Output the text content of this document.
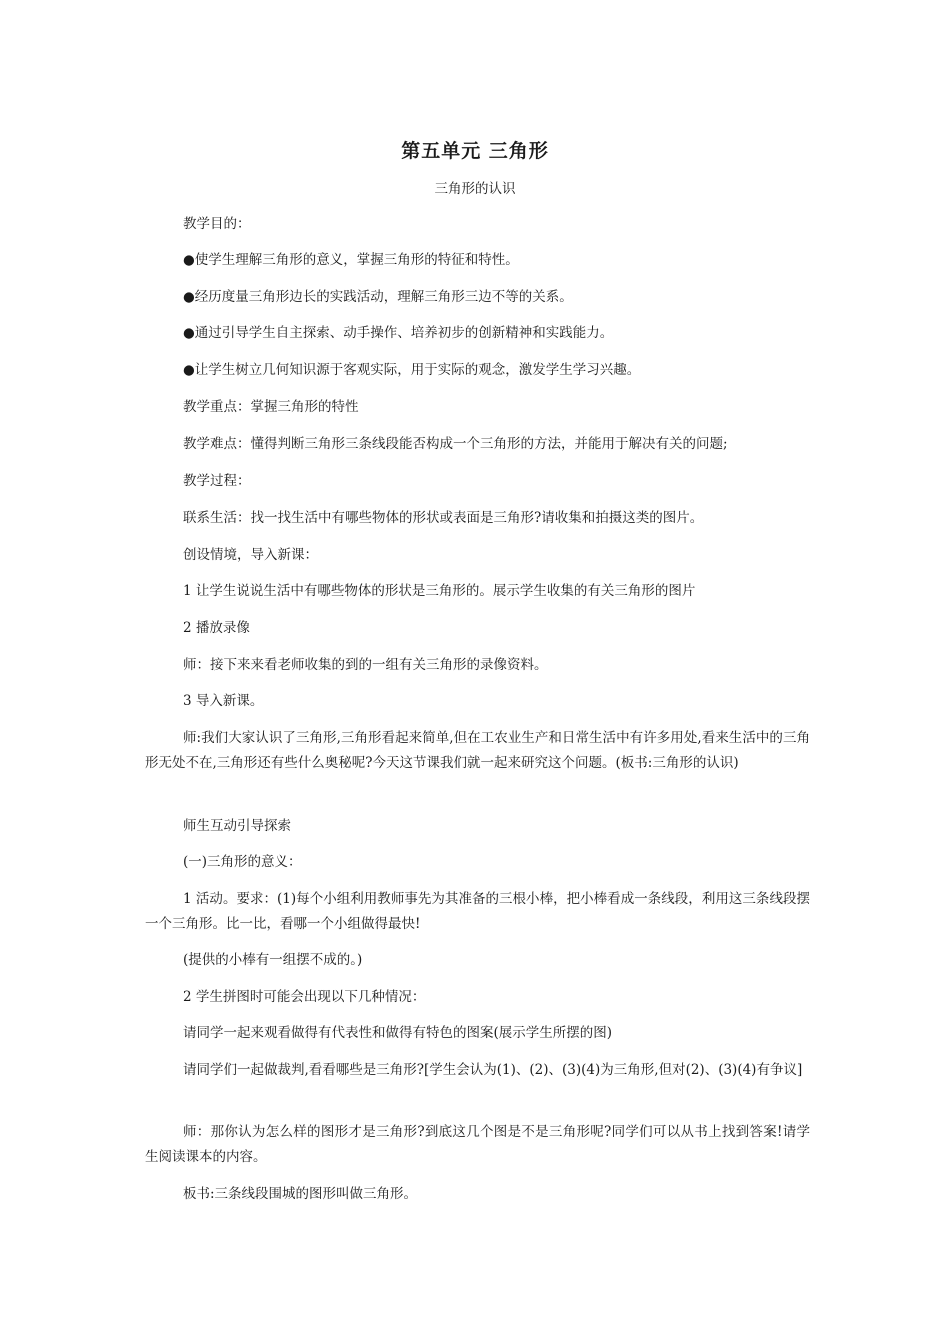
第五单元 三角形
三角形的认识

教学目的：

●使学生理解三角形的意义，掌握三角形的特征和特性。

●经历度量三角形边长的实践活动，理解三角形三边不等的关系。

●通过引导学生自主探索、动手操作、培养初步的创新精神和实践能力。

●让学生树立几何知识源于客观实际，用于实际的观念，激发学生学习兴趣。

教学重点：掌握三角形的特性

教学难点：懂得判断三角形三条线段能否构成一个三角形的方法，并能用于解决有关的问题;

教学过程：

联系生活：找一找生活中有哪些物体的形状或表面是三角形?请收集和拍摄这类的图片。

创设情境，导入新课：

1 让学生说说生活中有哪些物体的形状是三角形的。展示学生收集的有关三角形的图片

2 播放录像

师：接下来来看老师收集的到的一组有关三角形的录像资料。

3 导入新课。

师:我们大家认识了三角形,三角形看起来简单,但在工农业生产和日常生活中有许多用处,看来生活中的三角形无处不在,三角形还有些什么奥秘呢?今天这节课我们就一起来研究这个问题。(板书:三角形的认识)

师生互动引导探索

(一)三角形的意义：

1 活动。要求：(1)每个小组利用教师事先为其准备的三根小棒，把小棒看成一条线段，利用这三条线段摆一个三角形。比一比，看哪一个小组做得最快!

(提供的小棒有一组摆不成的。)

2 学生拼图时可能会出现以下几种情况：

请同学一起来观看做得有代表性和做得有特色的图案(展示学生所摆的图)

请同学们一起做裁判,看看哪些是三角形?[学生会认为(1)、(2)、(3)(4)为三角形,但对(2)、(3)(4)有争议]

师：那你认为怎么样的图形才是三角形?到底这几个图是不是三角形呢?同学们可以从书上找到答案!请学生阅读课本的内容。

板书:三条线段围城的图形叫做三角形。
